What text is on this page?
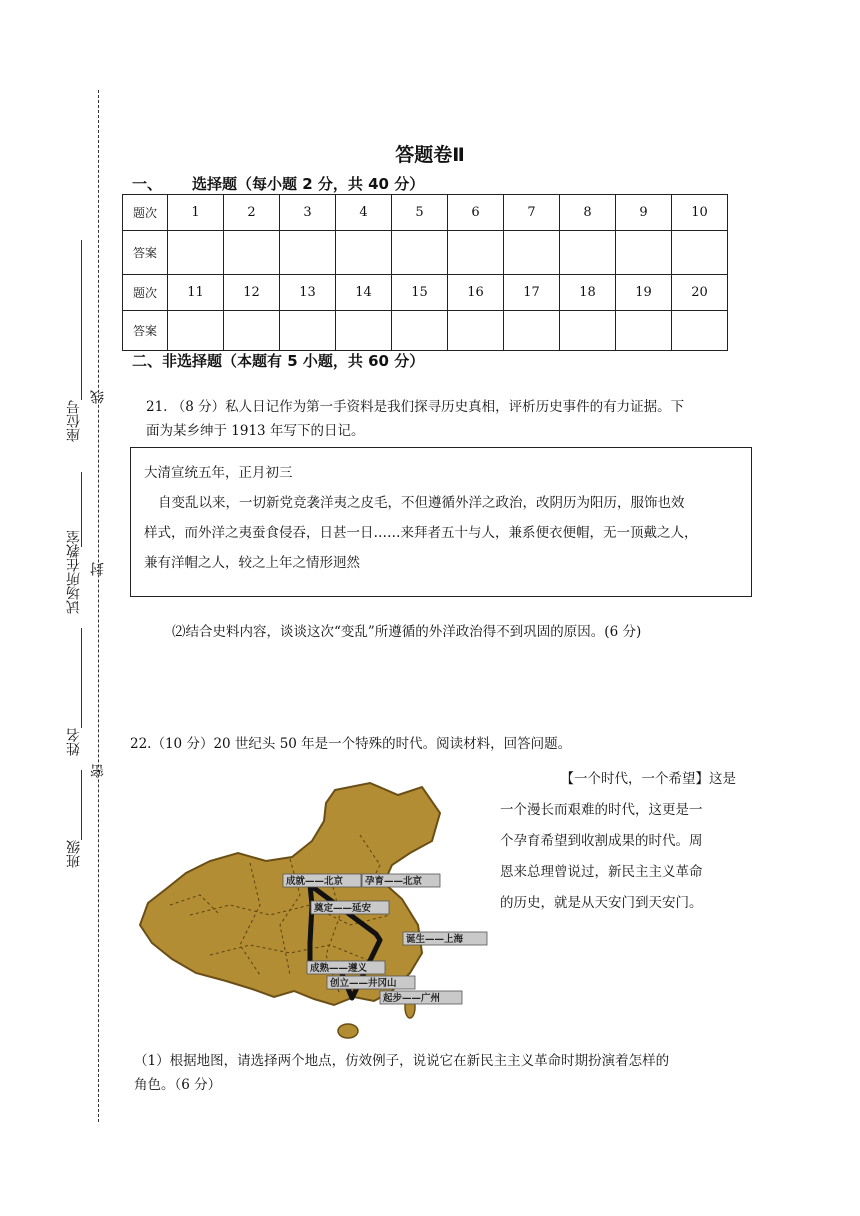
座位号
试场所在教室
姓名
班级
线
封
密
答题卷Ⅱ
一、 选择题（每小题 2 分，共 40 分）
题次	1	2	3	4	5	6	7	8	9	10
答案										
题次	11	12	13	14	15	16	17	18	19	20
答案										
二、非选择题（本题有 5 小题，共 60 分）
21. （8 分）私人日记作为第一手资料是我们探寻历史真相，评析历史事件的有力证据。下
面为某乡绅于 1913 年写下的日记。
大清宣统五年，正月初三
自变乱以来，一切新党竞袭洋夷之皮毛，不但遵循外洋之政治，改阴历为阳历，服饰也效
样式，而外洋之夷蚕食侵吞，日甚一日……来拜者五十与人，兼系便衣便帽，无一顶戴之人，
兼有洋帽之人，较之上年之情形迥然
⑵结合史料内容，谈谈这次“变乱”所遵循的外洋政治得不到巩固的原因。(6 分)
22.（10 分）20 世纪头 50 年是一个特殊的时代。阅读材料，回答问题。
【一个时代，一个希望】这是
一个漫长而艰难的时代，这更是一
个孕育希望到收割成果的时代。周
恩来总理曾说过，新民主主义革命
的历史，就是从天安门到天安门。
成就——北京 孕育——北京
奠定——延安
诞生——上海
成熟——遵义
创立——井冈山
起步——广州
（1）根据地图，请选择两个地点，仿效例子，说说它在新民主主义革命时期扮演着怎样的
角色。（6 分）
